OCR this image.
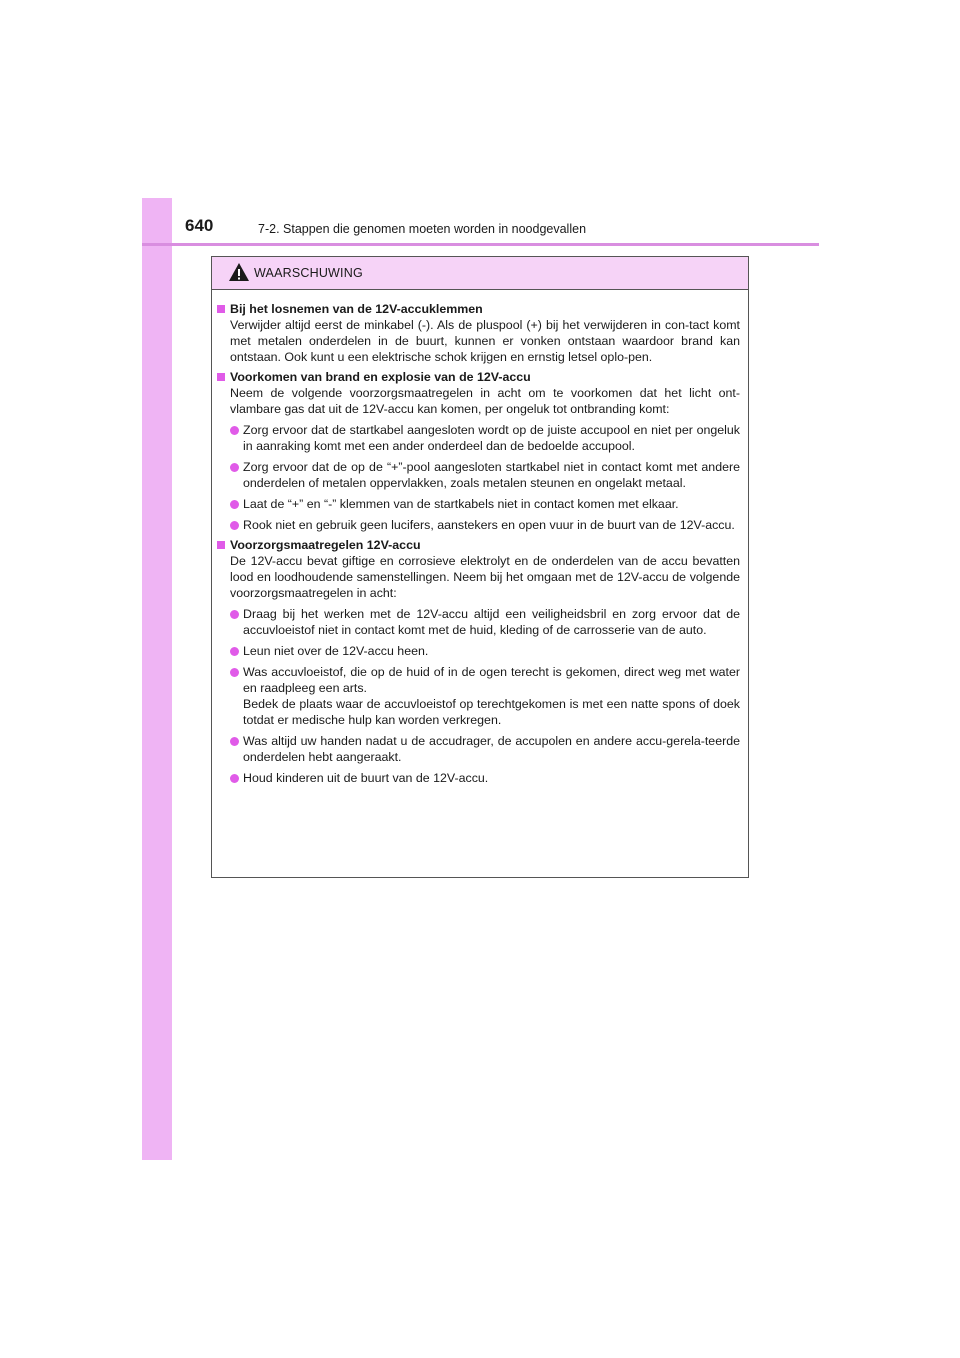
640	7-2. Stappen die genomen moeten worden in noodgevallen
WAARSCHUWING
Bij het losnemen van de 12V-accuklemmen
Verwijder altijd eerst de minkabel (-). Als de pluspool (+) bij het verwijderen in con-tact komt met metalen onderdelen in de buurt, kunnen er vonken ontstaan waardoor brand kan ontstaan. Ook kunt u een elektrische schok krijgen en ernstig letsel oplo-pen.
Voorkomen van brand en explosie van de 12V-accu
Neem de volgende voorzorgsmaatregelen in acht om te voorkomen dat het licht ont-vlambare gas dat uit de 12V-accu kan komen, per ongeluk tot ontbranding komt:
Zorg ervoor dat de startkabel aangesloten wordt op de juiste accupool en niet per ongeluk in aanraking komt met een ander onderdeel dan de bedoelde accupool.
Zorg ervoor dat de op de “+”-pool aangesloten startkabel niet in contact komt met andere onderdelen of metalen oppervlakken, zoals metalen steunen en ongelakt metaal.
Laat de “+” en “-” klemmen van de startkabels niet in contact komen met elkaar.
Rook niet en gebruik geen lucifers, aanstekers en open vuur in de buurt van de 12V-accu.
Voorzorgsmaatregelen 12V-accu
De 12V-accu bevat giftige en corrosieve elektrolyt en de onderdelen van de accu bevatten lood en loodhoudende samenstellingen. Neem bij het omgaan met de 12V-accu de volgende voorzorgsmaatregelen in acht:
Draag bij het werken met de 12V-accu altijd een veiligheidsbril en zorg ervoor dat de accuvloeistof niet in contact komt met de huid, kleding of de carrosserie van de auto.
Leun niet over de 12V-accu heen.
Was accuvloeistof, die op de huid of in de ogen terecht is gekomen, direct weg met water en raadpleeg een arts.
Bedek de plaats waar de accuvloeistof op terechtgekomen is met een natte spons of doek totdat er medische hulp kan worden verkregen.
Was altijd uw handen nadat u de accudrager, de accupolen en andere accu-gerela-teerde onderdelen hebt aangeraakt.
Houd kinderen uit de buurt van de 12V-accu.
